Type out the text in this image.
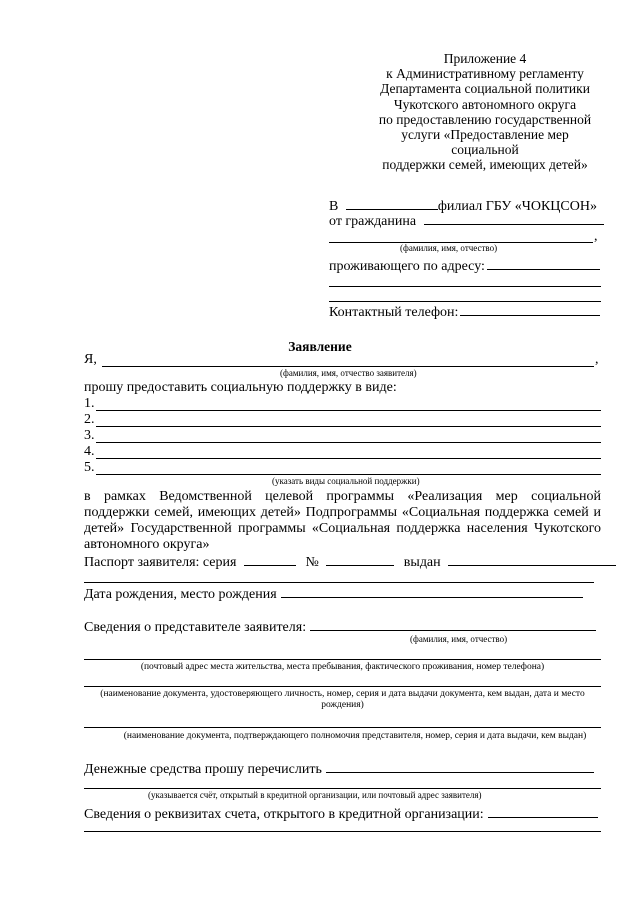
Приложение 4
к Административному регламенту
Департамента социальной политики
Чукотского автономного округа
по предоставлению государственной
услуги «Предоставление мер
социальной
поддержки семей, имеющих детей»
В	филиал ГБУ «ЧОКЦСОН»
от гражданина
,
(фамилия, имя, отчество)
проживающего по адресу:
Контактный телефон:
Заявление
Я,	,
(фамилия, имя, отчество заявителя)
прошу предоставить социальную поддержку в виде:
1.
2.
3.
4.
5.
(указать виды социальной поддержки)
в рамках Ведомственной целевой программы «Реализация мер социальной поддержки семей, имеющих детей» Подпрограммы «Социальная поддержка семей и детей» Государственной программы «Социальная поддержка населения Чукотского автономного округа»
Паспорт заявителя: серия	№	выдан
Дата рождения, место рождения
Сведения о представителе заявителя:
(фамилия, имя, отчество)
(почтовый адрес места жительства, места пребывания, фактического проживания, номер телефона)
(наименование документа, удостоверяющего личность, номер, серия и дата выдачи документа, кем выдан, дата и место рождения)
(наименование документа, подтверждающего полномочия представителя, номер, серия и дата выдачи, кем выдан)
Денежные средства прошу перечислить
(указывается счёт, открытый в кредитной организации, или почтовый адрес заявителя)
Сведения о реквизитах счета, открытого в кредитной организации:
